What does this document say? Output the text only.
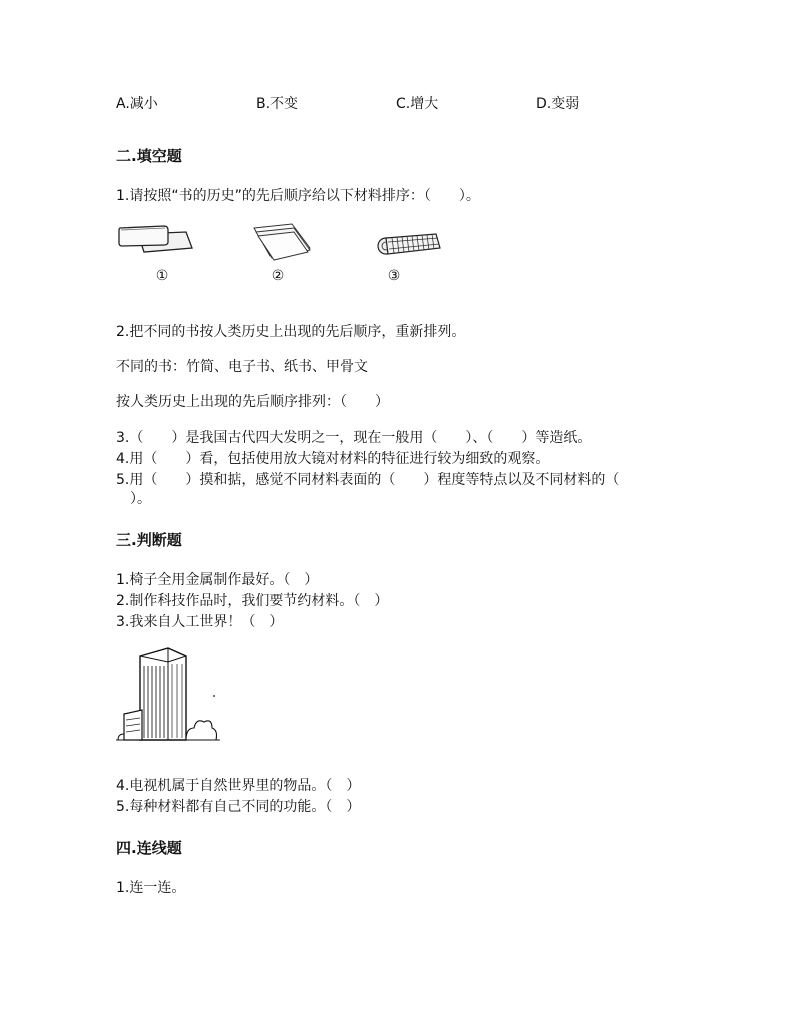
A.减小	B.不变	C.增大	D.变弱
二.填空题
1.请按照“书的历史”的先后顺序给以下材料排序：（　　）。
①	②	③
2.把不同的书按人类历史上出现的先后顺序，重新排列。
不同的书：竹简、电子书、纸书、甲骨文
按人类历史上出现的先后顺序排列：（　　）
3.（　　）是我国古代四大发明之一，现在一般用（　　）、（　　）等造纸。
4.用（　　）看，包括使用放大镜对材料的特征进行较为细致的观察。
5.用（　　）摸和掂，感觉不同材料表面的（　　）程度等特点以及不同材料的（
　）。
三.判断题
1.椅子全用金属制作最好。（　）
2.制作科技作品时，我们要节约材料。（　）
3.我来自人工世界！（　）
4.电视机属于自然世界里的物品。（　）
5.每种材料都有自己不同的功能。（　）
四.连线题
1.连一连。
